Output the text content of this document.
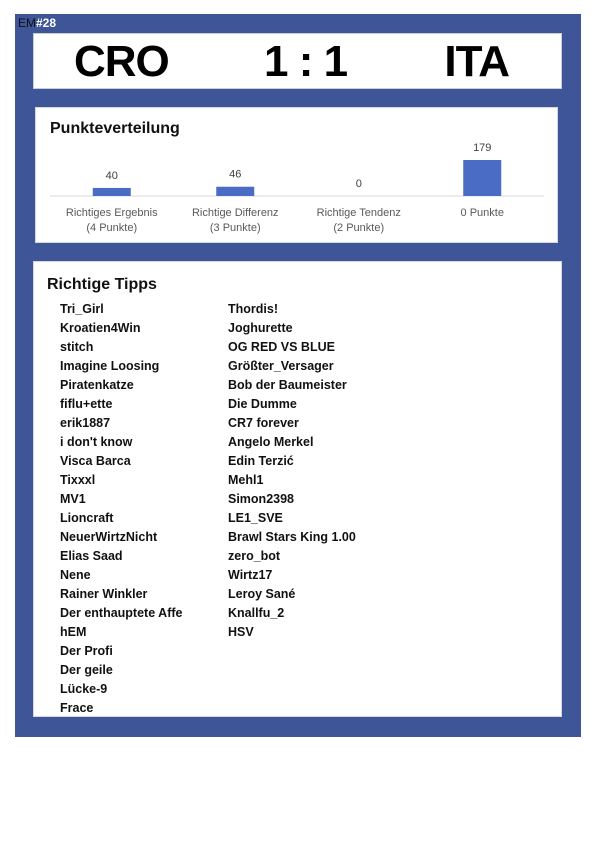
EM#28
CRO 1 : 1 ITA
Punkteverteilung
40
Richtiges Ergebnis
(4 Punkte)
46
Richtige Differenz
(3 Punkte)
0
Richtige Tendenz
(2 Punkte)
179
0 Punkte
Richtige Tipps
Tri_Girl
Kroatien4Win
stitch
Imagine Loosing
Piratenkatze
fiflu+ette
erik1887
i don't know
Visca Barca
Tixxxl
MV1
Lioncraft
NeuerWirtzNicht
Elias Saad
Nene
Rainer Winkler
Der enthauptete Affe
hEM
Der Profi
Der geile
Lücke-9
Frace
Thordis!
Joghurette
OG RED VS BLUE
Größter_Versager
Bob der Baumeister
Die Dumme
CR7 forever
Angelo Merkel
Edin Terzić
Mehl1
Simon2398
LE1_SVE
Brawl Stars King 1.00
zero_bot
Wirtz17
Leroy Sané
Knallfu_2
HSV
